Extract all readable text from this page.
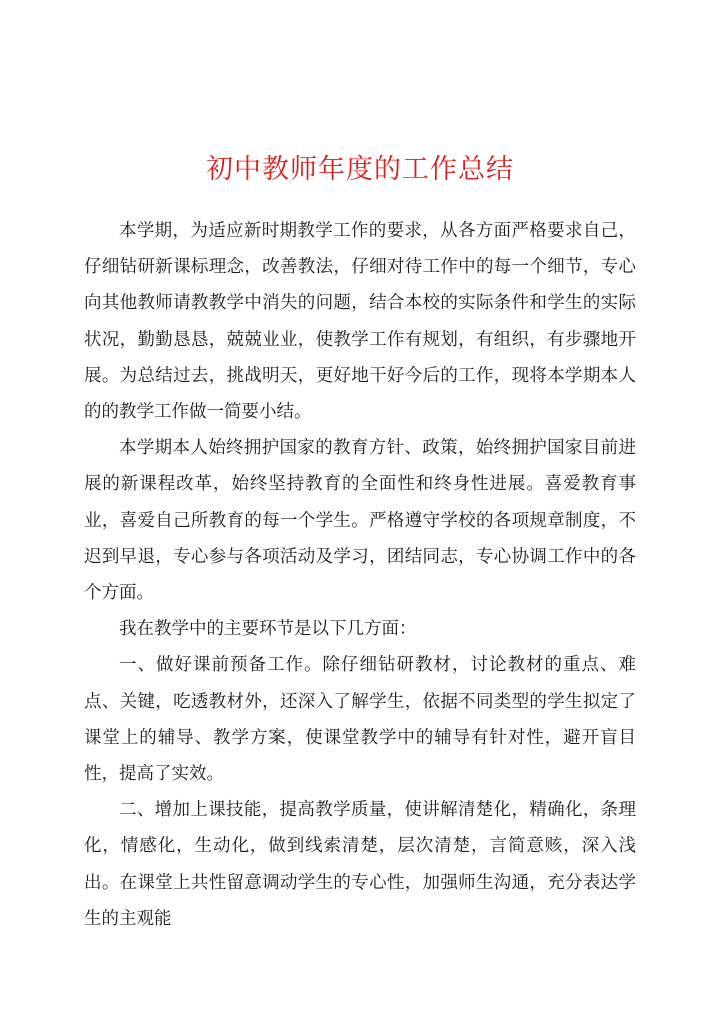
初中教师年度的工作总结

本学期，为适应新时期教学工作的要求，从各方面严格要求自己，仔细钻研新课标理念，改善教法，仔细对待工作中的每一个细节，专心向其他教师请教教学中消失的问题，结合本校的实际条件和学生的实际状况，勤勤恳恳，兢兢业业，使教学工作有规划，有组织，有步骤地开展。为总结过去，挑战明天，更好地干好今后的工作，现将本学期本人的的教学工作做一简要小结。

本学期本人始终拥护国家的教育方针、政策，始终拥护国家目前进展的新课程改革，始终坚持教育的全面性和终身性进展。喜爱教育事业，喜爱自己所教育的每一个学生。严格遵守学校的各项规章制度，不迟到早退，专心参与各项活动及学习，团结同志，专心协调工作中的各个方面。

我在教学中的主要环节是以下几方面：

一、做好课前预备工作。除仔细钻研教材，讨论教材的重点、难点、关键，吃透教材外，还深入了解学生，依据不同类型的学生拟定了课堂上的辅导、教学方案，使课堂教学中的辅导有针对性，避开盲目性，提高了实效。

二、增加上课技能，提高教学质量，使讲解清楚化，精确化，条理化，情感化，生动化，做到线索清楚，层次清楚，言简意赅，深入浅出。在课堂上共性留意调动学生的专心性，加强师生沟通，充分表达学生的主观能
